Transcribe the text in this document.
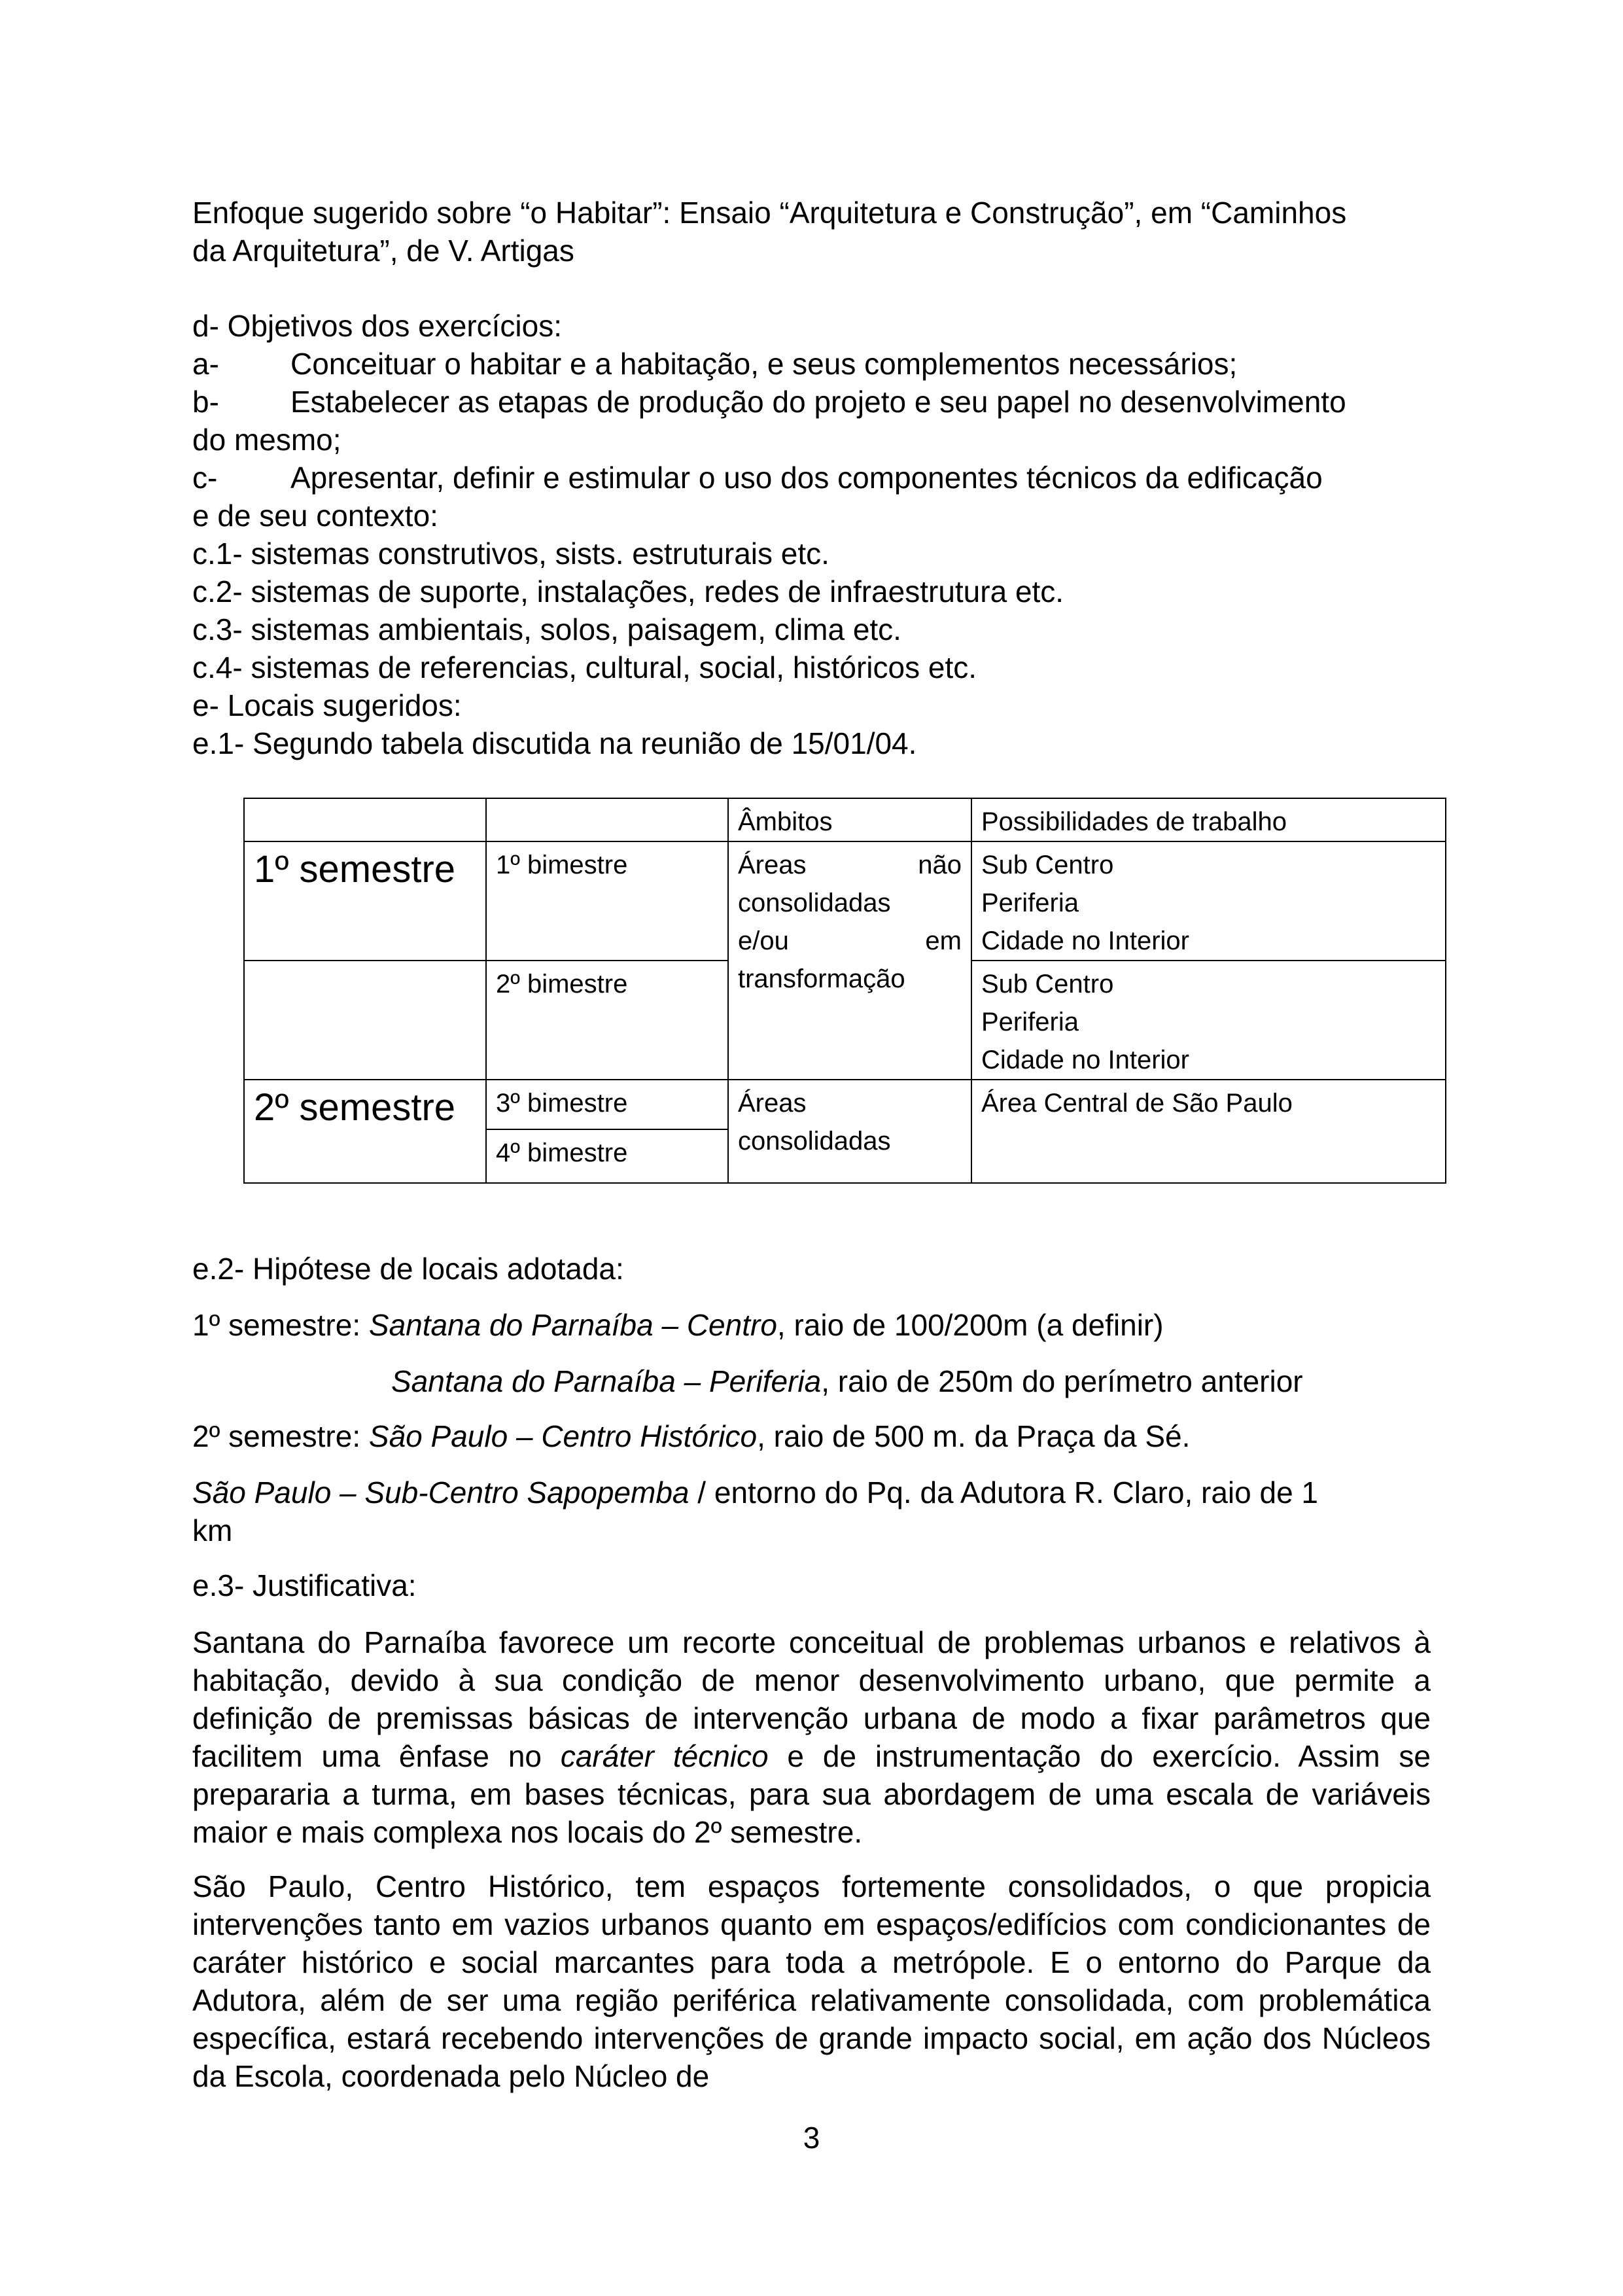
Enfoque sugerido sobre “o Habitar”: Ensaio “Arquitetura e Construção”, em “Caminhos
da Arquitetura”, de V. Artigas
d- Objetivos dos exercícios:
a- Conceituar o habitar e a habitação, e seus complementos necessários;
b- Estabelecer as etapas de produção do projeto e seu papel no desenvolvimento
do mesmo;
c- Apresentar, definir e estimular o uso dos componentes técnicos da edificação
e de seu contexto:
c.1- sistemas construtivos, sists. estruturais etc.
c.2- sistemas de suporte, instalações, redes de infraestrutura etc.
c.3- sistemas ambientais, solos, paisagem, clima etc.
c.4- sistemas de referencias, cultural, social, históricos etc.
e- Locais sugeridos:
e.1- Segundo tabela discutida na reunião de 15/01/04.
		Âmbitos	Possibilidades de trabalho
1º semestre	1º bimestre	Áreas não
consolidadas
e/ou em
transformação	Sub Centro
Periferia
Cidade no Interior

	2º bimestre		Sub Centro
Periferia
Cidade no Interior

2º semestre	3º bimestre	Áreas
consolidadas	Área Central de São Paulo
	4º bimestre		
e.2- Hipótese de locais adotada:
1º semestre: Santana do Parnaíba – Centro, raio de 100/200m (a definir)
Santana do Parnaíba – Periferia, raio de 250m do perímetro anterior
2º semestre: São Paulo – Centro Histórico, raio de 500 m. da Praça da Sé.
São Paulo – Sub-Centro Sapopemba / entorno do Pq. da Adutora R. Claro, raio de 1
km
e.3- Justificativa:

Santana do Parnaíba favorece um recorte conceitual de problemas urbanos e relativos à habitação, devido à sua condição de menor desenvolvimento urbano, que permite a definição de premissas básicas de intervenção urbana de modo a fixar parâmetros que facilitem uma ênfase no caráter técnico e de instrumentação do exercício. Assim se prepararia a turma, em bases técnicas, para sua abordagem de uma escala de variáveis maior e mais complexa nos locais do 2º semestre.

São Paulo, Centro Histórico, tem espaços fortemente consolidados, o que propicia intervenções tanto em vazios urbanos quanto em espaços/edifícios com condicionantes de caráter histórico e social marcantes para toda a metrópole. E o entorno do Parque da Adutora, além de ser uma região periférica relativamente consolidada, com problemática específica, estará recebendo intervenções de grande impacto social, em ação dos Núcleos da Escola, coordenada pelo Núcleo de

3
